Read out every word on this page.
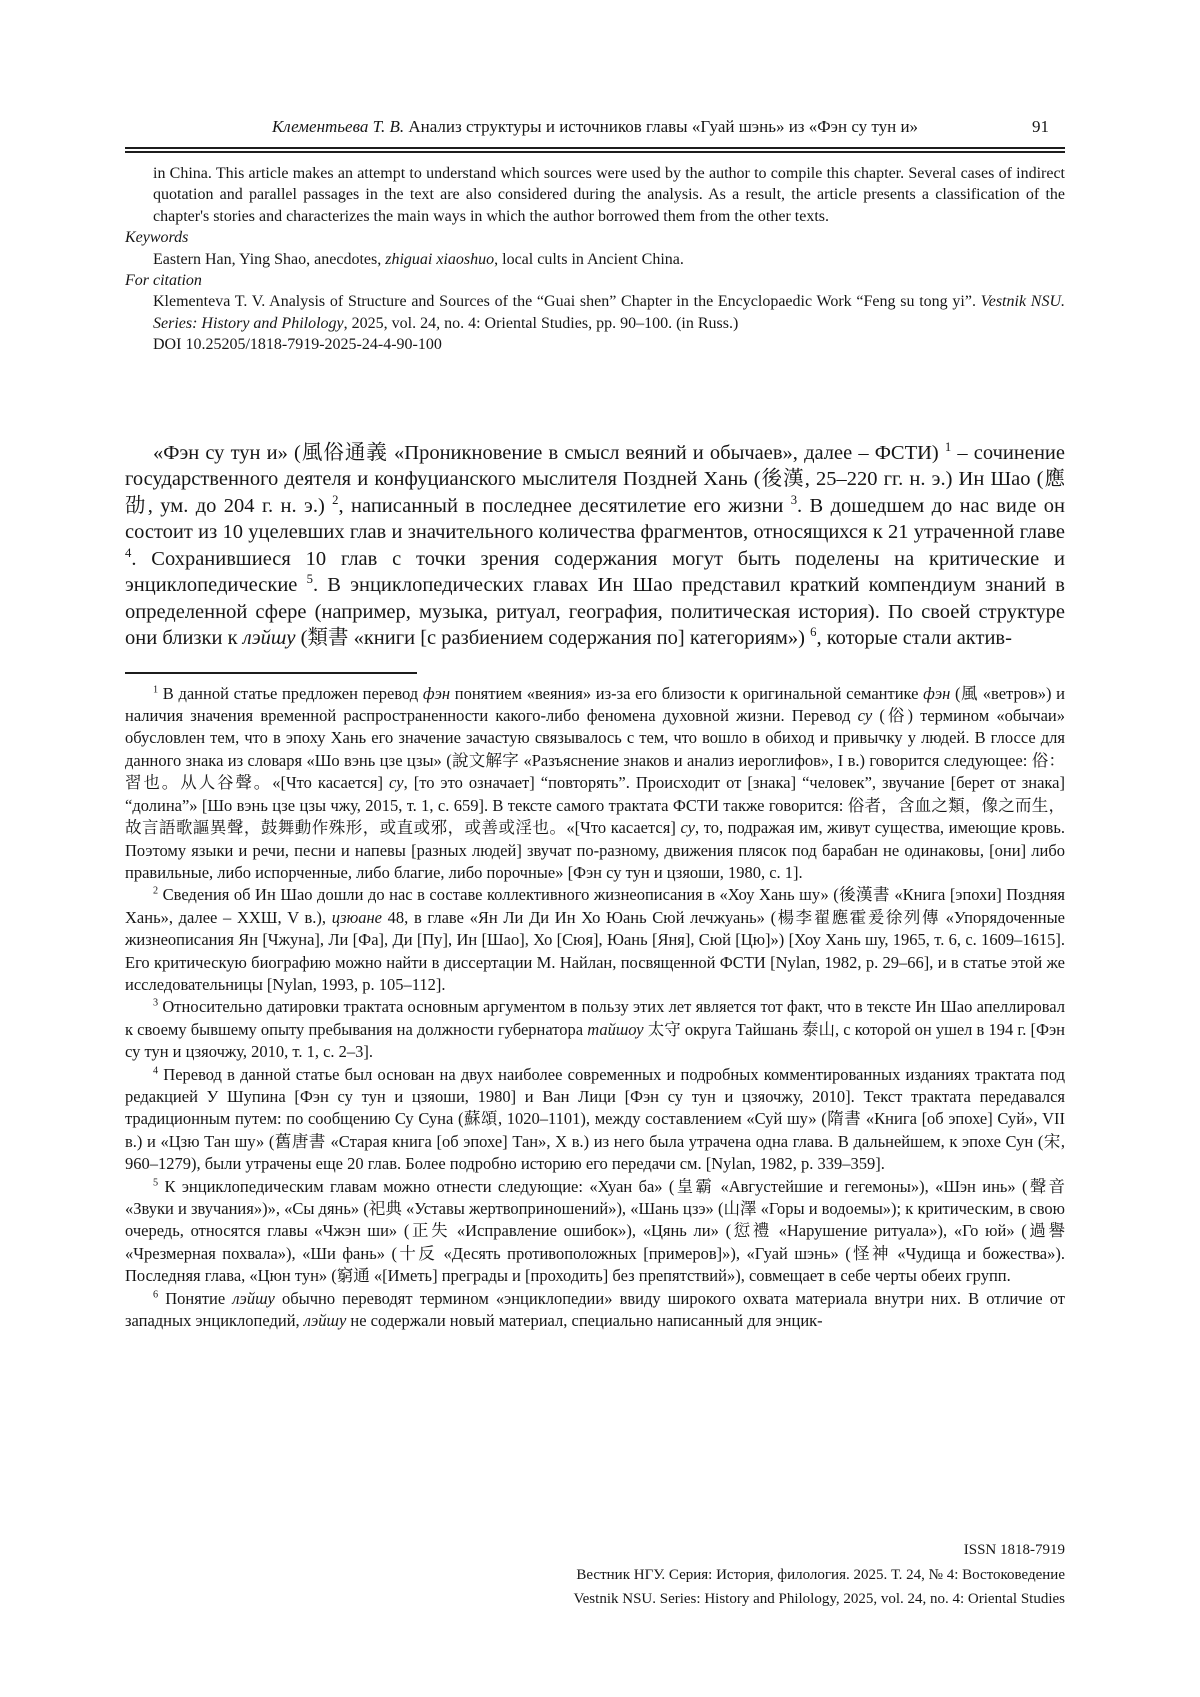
Клементьева Т. В. Анализ структуры и источников главы «Гуай шэнь» из «Фэн су тун и»	91

in China. This article makes an attempt to understand which sources were used by the author to compile this chapter. Several cases of indirect quotation and parallel passages in the text are also considered during the analysis. As a result, the article presents a classification of the chapter's stories and characterizes the main ways in which the author borrowed them from the other texts.

Keywords

Eastern Han, Ying Shao, anecdotes, zhiguai xiaoshuo, local cults in Ancient China.

For citation

Klementeva T. V. Analysis of Structure and Sources of the “Guai shen” Chapter in the Encyclopaedic Work “Feng su tong yi”. Vestnik NSU. Series: History and Philology, 2025, vol. 24, no. 4: Oriental Studies, pp. 90–100. (in Russ.)

DOI 10.25205/1818-7919-2025-24-4-90-100

«Фэн су тун и» (風俗通義 «Проникновение в смысл веяний и обычаев», далее – ФСТИ) $^1$ – сочинение государственного деятеля и конфуцианского мыслителя Поздней Хань (後漢, 25–220 гг. н. э.) Ин Шао (應劭, ум. до 204 г. н. э.) $^2$, написанный в последнее десятилетие его жизни $^3$. В дошедшем до нас виде он состоит из 10 уцелевших глав и значительного количества фрагментов, относящихся к 21 утраченной главе $^4$. Сохранившиеся 10 глав с точки зрения содержания могут быть поделены на критические и энциклопедические $^5$. В энциклопедических главах Ин Шао представил краткий компендиум знаний в определенной сфере (например, музыка, ритуал, география, политическая история). По своей структуре они близки к лэйшу (類書 «книги [с разбиением содержания по] категориям») $^6$, которые стали актив-

$^1$ В данной статье предложен перевод фэн понятием «веяния» из-за его близости к оригинальной семантике фэн (風 «ветров») и наличия значения временной распространенности какого-либо феномена духовной жизни. Перевод су (俗) термином «обычаи» обусловлен тем, что в эпоху Хань его значение зачастую связывалось с тем, что вошло в обиход и привычку у людей. В глоссе для данного знака из словаря «Шо вэнь цзе цзы» (說文解字 «Разъяснение знаков и анализ иероглифов», I в.) говорится следующее: 俗：習也。从人谷聲。«[Что касается] су, [то это означает] “повторять”. Происходит от [знака] “человек”, звучание [берет от знака] “долина”» [Шо вэнь цзе цзы чжу, 2015, т. 1, с. 659]. В тексте самого трактата ФСТИ также говорится: 俗者，含血之類，像之而生，故言語歌謳異聲，鼓舞動作殊形，或直或邪，或善或淫也。«[Что касается] су, то, подражая им, живут существа, имеющие кровь. Поэтому языки и речи, песни и напевы [разных людей] звучат по-разному, движения плясок под барабан не одинаковы, [они] либо правильные, либо испорченные, либо благие, либо порочные» [Фэн су тун и цзяоши, 1980, с. 1].

$^2$ Сведения об Ин Шао дошли до нас в составе коллективного жизнеописания в «Хоу Хань шу» (後漢書 «Книга [эпохи] Поздняя Хань», далее – ХХШ, V в.), цзюане 48, в главе «Ян Ли Ди Ин Хо Юань Сюй лечжуань» (楊李翟應霍爰徐列傳 «Упорядоченные жизнеописания Ян [Чжуна], Ли [Фа], Ди [Пу], Ин [Шао], Хо [Сюя], Юань [Яня], Сюй [Цю]») [Хоу Хань шу, 1965, т. 6, с. 1609–1615]. Его критическую биографию можно найти в диссертации М. Найлан, посвященной ФСТИ [Nylan, 1982, p. 29–66], и в статье этой же исследовательницы [Nylan, 1993, p. 105–112].

$^3$ Относительно датировки трактата основным аргументом в пользу этих лет является тот факт, что в тексте Ин Шао апеллировал к своему бывшему опыту пребывания на должности губернатора тайшоу 太守 округа Тайшань 泰山, с которой он ушел в 194 г. [Фэн су тун и цзяочжу, 2010, т. 1, с. 2–3].

$^4$ Перевод в данной статье был основан на двух наиболее современных и подробных комментированных изданиях трактата под редакцией У Шупина [Фэн су тун и цзяоши, 1980] и Ван Лици [Фэн су тун и цзяочжу, 2010]. Текст трактата передавался традиционным путем: по сообщению Су Суна (蘇頌, 1020–1101), между составлением «Суй шу» (隋書 «Книга [об эпохе] Суй», VII в.) и «Цзю Тан шу» (舊唐書 «Старая книга [об эпохе] Тан», X в.) из него была утрачена одна глава. В дальнейшем, к эпохе Сун (宋, 960–1279), были утрачены еще 20 глав. Более подробно историю его передачи см. [Nylan, 1982, p. 339–359].

$^5$ К энциклопедическим главам можно отнести следующие: «Хуан ба» (皇霸 «Августейшие и гегемоны»), «Шэн инь» (聲音 «Звуки и звучания»)», «Сы дянь» (祀典 «Уставы жертвоприношений»), «Шань цзэ» (山澤 «Горы и водоемы»); к критическим, в свою очередь, относятся главы «Чжэн ши» (正失 «Исправление ошибок»), «Цянь ли» (愆禮 «Нарушение ритуала»), «Го юй» (過譽 «Чрезмерная похвала»), «Ши фань» (十反 «Десять противоположных [примеров]»), «Гуай шэнь» (怪神 «Чудища и божества»). Последняя глава, «Цюн тун» (窮通 «[Иметь] преграды и [проходить] без препятствий»), совмещает в себе черты обеих групп.

$^6$ Понятие лэйшу обычно переводят термином «энциклопедии» ввиду широкого охвата материала внутри них. В отличие от западных энциклопедий, лэйшу не содержали новый материал, специально написанный для энцик-

ISSN 1818-7919
Вестник НГУ. Серия: История, филология. 2025. Т. 24, № 4: Востоковедение
Vestnik NSU. Series: History and Philology, 2025, vol. 24, no. 4: Oriental Studies
